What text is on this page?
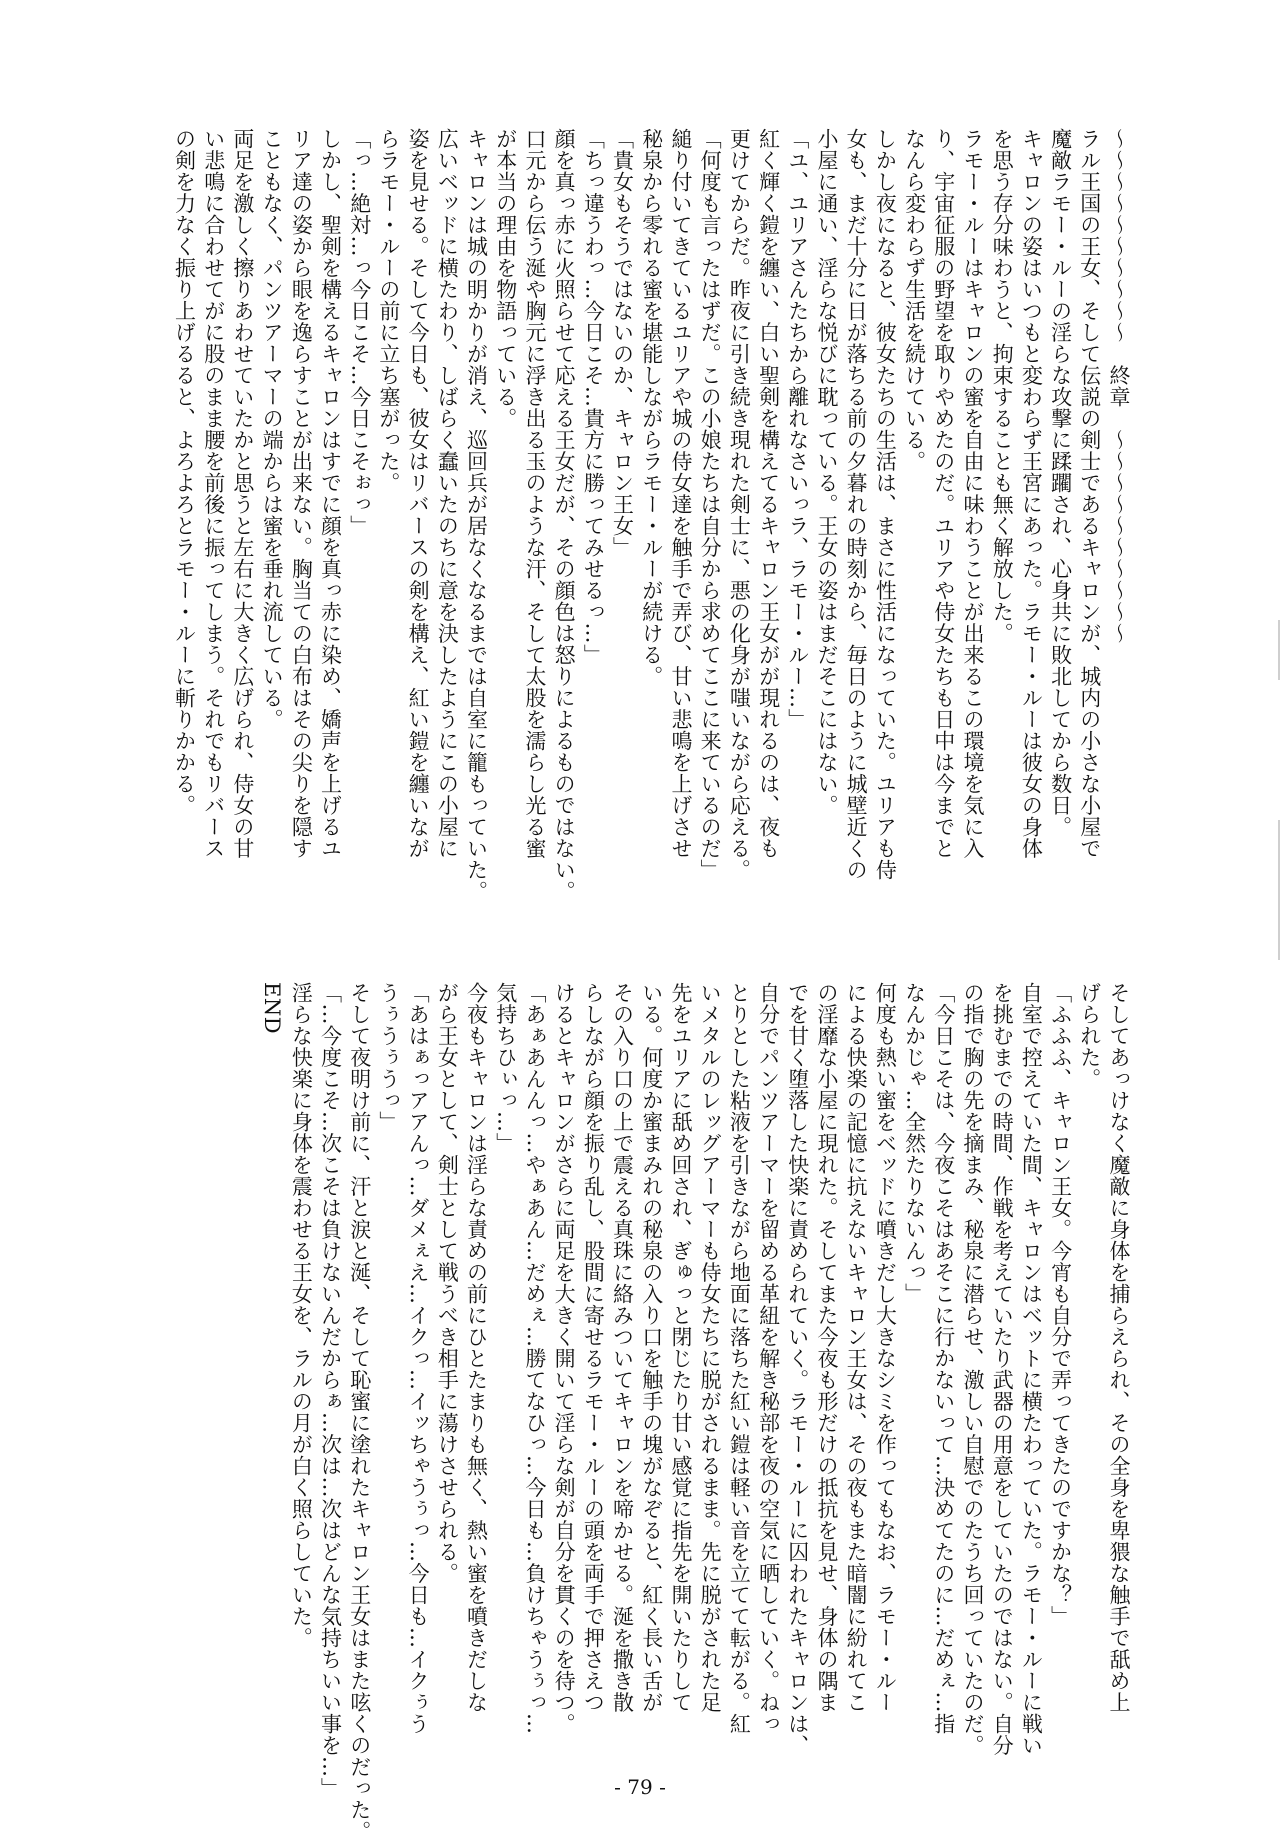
～～～～～～～～～～　終章　～～～～～～～～～～
ラル王国の王女、そして伝説の剣士であるキャロンが、城内の小さな小屋で
魔敵ラモー・ルーの淫らな攻撃に蹂躙され、心身共に敗北してから数日。
キャロンの姿はいつもと変わらず王宮にあった。ラモー・ルーは彼女の身体
を思う存分味わうと、拘束することも無く解放した。
ラモー・ルーはキャロンの蜜を自由に味わうことが出来るこの環境を気に入
り、宇宙征服の野望を取りやめたのだ。ユリアや侍女たちも日中は今までと
なんら変わらず生活を続けている。
しかし夜になると、彼女たちの生活は、まさに性活になっていた。ユリアも侍
女も、まだ十分に日が落ちる前の夕暮れの時刻から、毎日のように城壁近くの
小屋に通い、淫らな悦びに耽っている。王女の姿はまだそこにはない。
「ユ、ユリアさんたちから離れなさいっラ、ラモー・ルー…」
紅く輝く鎧を纏い、白い聖剣を構えてるキャロン王女がが現れるのは、夜も
更けてからだ。昨夜に引き続き現れた剣士に、悪の化身が嗤いながら応える。
「何度も言ったはずだ。この小娘たちは自分から求めてここに来ているのだ」
縋り付いてきているユリアや城の侍女達を触手で弄び、甘い悲鳴を上げさせ
秘泉から零れる蜜を堪能しながらラモー・ルーが続ける。
「貴女もそうではないのか、キャロン王女」
「ちっ違うわっ…今日こそ…貴方に勝ってみせるっ…」
顔を真っ赤に火照らせて応える王女だが、その顔色は怒りによるものではない。
口元から伝う涎や胸元に浮き出る玉のような汗、そして太股を濡らし光る蜜
が本当の理由を物語っている。
キャロンは城の明かりが消え、巡回兵が居なくなるまでは自室に籠もっていた。
広いベッドに横たわり、しばらく蠢いたのちに意を決したようにこの小屋に
姿を見せる。そして今日も、彼女はリバースの剣を構え、紅い鎧を纏いなが
らラモー・ルーの前に立ち塞がった。
「っ…絶対…っ今日こそ…今日こそぉっ」
しかし、聖剣を構えるキャロンはすでに顔を真っ赤に染め、嬌声を上げるユ
リア達の姿から眼を逸らすことが出来ない。胸当ての白布はその尖りを隠す
こともなく、パンツアーマーの端からは蜜を垂れ流している。
両足を激しく擦りあわせていたかと思うと左右に大きく広げられ、侍女の甘
い悲鳴に合わせてがに股のまま腰を前後に振ってしまう。それでもリバース
の剣を力なく振り上げるると、よろよろとラモー・ルーに斬りかかる。
そしてあっけなく魔敵に身体を捕らえられ、その全身を卑猥な触手で舐め上
げられた。
「ふふふ、キャロン王女。今宵も自分で弄ってきたのですかな？」
自室で控えていた間、キャロンはベットに横たわっていた。ラモー・ルーに戦い
を挑むまでの時間、作戦を考えていたり武器の用意をしていたのではない。自分
の指で胸の先を摘まみ、秘泉に潜らせ、激しい自慰でのたうち回っていたのだ。
「今日こそは、今夜こそはあそこに行かないって…決めてたのに…だめぇ…指
なんかじゃ…全然たりないんっ」
何度も熱い蜜をベッドに噴きだし大きなシミを作ってもなお、ラモー・ルー
による快楽の記憶に抗えないキャロン王女は、その夜もまた暗闇に紛れてこ
の淫靡な小屋に現れた。そしてまた今夜も形だけの抵抗を見せ、身体の隅ま
でを甘く堕落した快楽に責められていく。ラモー・ルーに囚われたキャロンは、
自分でパンツアーマーを留める革紐を解き秘部を夜の空気に晒していく。ねっ
とりとした粘液を引きながら地面に落ちた紅い鎧は軽い音を立てて転がる。紅
いメタルのレッグアーマーも侍女たちに脱がされるまま。先に脱がされた足
先をユリアに舐め回され、ぎゅっと閉じたり甘い感覚に指先を開いたりして
いる。何度か蜜まみれの秘泉の入り口を触手の塊がなぞると、紅く長い舌が
その入り口の上で震える真珠に絡みついてキャロンを啼かせる。涎を撒き散
らしながら顔を振り乱し、股間に寄せるラモー・ルーの頭を両手で押さえつ
けるとキャロンがさらに両足を大きく開いて淫らな剣が自分を貫くのを待つ。
「あぁあんんっ…やぁあん…だめぇ…勝てなひっ…今日も…負けちゃうぅっ…
気持ちひぃっ…」
今夜もキャロンは淫らな責めの前にひとたまりも無く、熱い蜜を噴きだしな
がら王女として、剣士として戦うべき相手に蕩けさせられる。
「あはぁっアアんっ…ダメぇえ…イクっ…イッちゃうぅっ…今日も…イクぅう
うぅうぅうっ」
そして夜明け前に、汗と涙と涎、そして恥蜜に塗れたキャロン王女はまた呟くのだった。
「…今度こそ…次こそは負けないんだからぁ…次は…次はどんな気持ちいい事を…」
淫らな快楽に身体を震わせる王女を、ラルの月が白く照らしていた。
END
- 79 -
